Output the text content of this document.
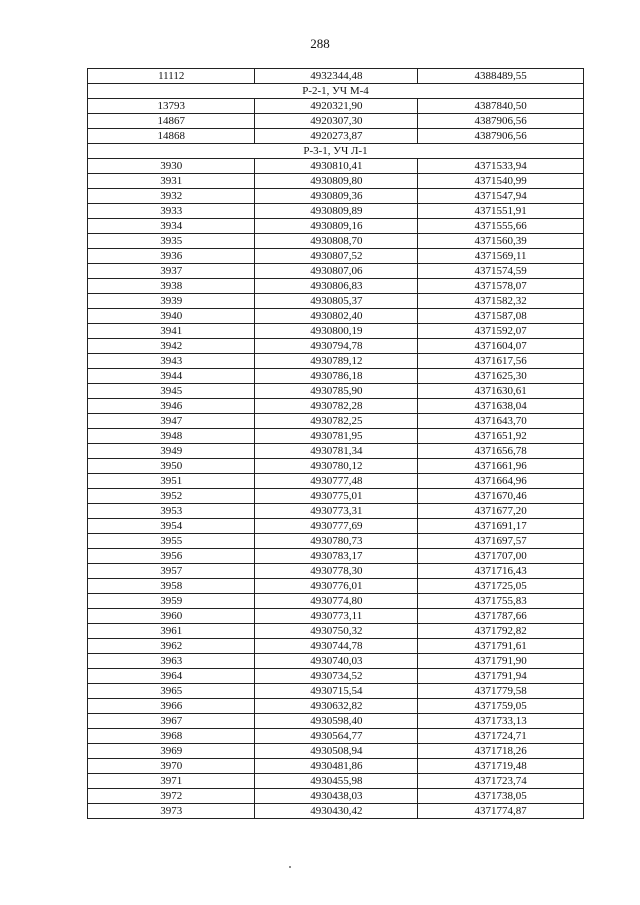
288
11112	4932344,48	4388489,55
Р-2-1, УЧ М-4		
13793	4920321,90	4387840,50
14867	4920307,30	4387906,56
14868	4920273,87	4387906,56
Р-3-1, УЧ Л-1		
3930	4930810,41	4371533,94
3931	4930809,80	4371540,99
3932	4930809,36	4371547,94
3933	4930809,89	4371551,91
3934	4930809,16	4371555,66
3935	4930808,70	4371560,39
3936	4930807,52	4371569,11
3937	4930807,06	4371574,59
3938	4930806,83	4371578,07
3939	4930805,37	4371582,32
3940	4930802,40	4371587,08
3941	4930800,19	4371592,07
3942	4930794,78	4371604,07
3943	4930789,12	4371617,56
3944	4930786,18	4371625,30
3945	4930785,90	4371630,61
3946	4930782,28	4371638,04
3947	4930782,25	4371643,70
3948	4930781,95	4371651,92
3949	4930781,34	4371656,78
3950	4930780,12	4371661,96
3951	4930777,48	4371664,96
3952	4930775,01	4371670,46
3953	4930773,31	4371677,20
3954	4930777,69	4371691,17
3955	4930780,73	4371697,57
3956	4930783,17	4371707,00
3957	4930778,30	4371716,43
3958	4930776,01	4371725,05
3959	4930774,80	4371755,83
3960	4930773,11	4371787,66
3961	4930750,32	4371792,82
3962	4930744,78	4371791,61
3963	4930740,03	4371791,90
3964	4930734,52	4371791,94
3965	4930715,54	4371779,58
3966	4930632,82	4371759,05
3967	4930598,40	4371733,13
3968	4930564,77	4371724,71
3969	4930508,94	4371718,26
3970	4930481,86	4371719,48
3971	4930455,98	4371723,74
3972	4930438,03	4371738,05
3973	4930430,42	4371774,87
